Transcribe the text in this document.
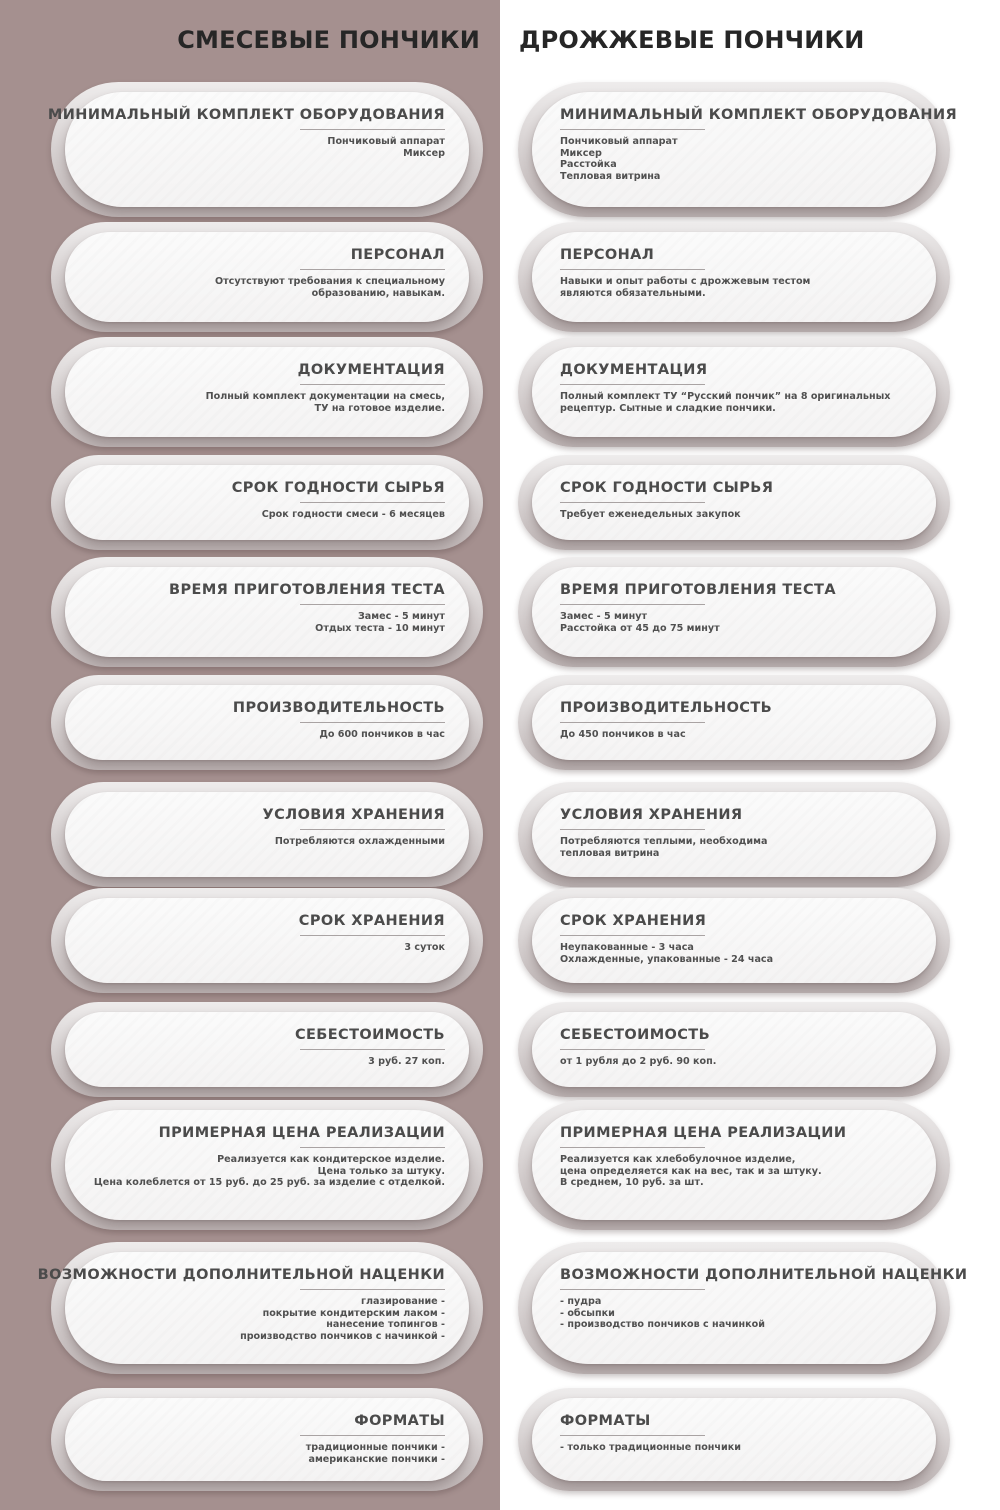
СМЕСЕВЫЕ ПОНЧИКИ ДРОЖЖЕВЫЕ ПОНЧИКИ
МИНИМАЛЬНЫЙ КОМПЛЕКТ ОБОРУДОВАНИЯ

Пончиковый аппарат
Миксер

МИНИМАЛЬНЫЙ КОМПЛЕКТ ОБОРУДОВАНИЯ

Пончиковый аппарат
Миксер
Расстойка
Тепловая витрина

ПЕРСОНАЛ

Отсутствуют требования к специальному
образованию, навыкам.

ПЕРСОНАЛ

Навыки и опыт работы с дрожжевым тестом
являются обязательными.

ДОКУМЕНТАЦИЯ

Полный комплект документации на смесь,
ТУ на готовое изделие.

ДОКУМЕНТАЦИЯ

Полный комплект ТУ “Русский пончик” на 8 оригинальных
рецептур. Сытные и сладкие пончики.

СРОК ГОДНОСТИ СЫРЬЯ

Срок годности смеси - 6 месяцев

СРОК ГОДНОСТИ СЫРЬЯ

Требует еженедельных закупок

ВРЕМЯ ПРИГОТОВЛЕНИЯ ТЕСТА

Замес - 5 минут
Отдых теста - 10 минут

ВРЕМЯ ПРИГОТОВЛЕНИЯ ТЕСТА

Замес - 5 минут
Расстойка от 45 до 75 минут

ПРОИЗВОДИТЕЛЬНОСТЬ

До 600 пончиков в час

ПРОИЗВОДИТЕЛЬНОСТЬ

До 450 пончиков в час

УСЛОВИЯ ХРАНЕНИЯ

Потребляются охлажденными

УСЛОВИЯ ХРАНЕНИЯ

Потребляются теплыми, необходима
тепловая витрина

СРОК ХРАНЕНИЯ

3 суток

СРОК ХРАНЕНИЯ

Неупакованные - 3 часа
Охлажденные, упакованные - 24 часа

СЕБЕСТОИМОСТЬ

3 руб. 27 коп.

СЕБЕСТОИМОСТЬ

от 1 рубля до 2 руб. 90 коп.

ПРИМЕРНАЯ ЦЕНА РЕАЛИЗАЦИИ

Реализуется как кондитерское изделие.
Цена только за штуку.
Цена колеблется от 15 руб. до 25 руб. за изделие с отделкой.

ПРИМЕРНАЯ ЦЕНА РЕАЛИЗАЦИИ

Реализуется как хлебобулочное изделие,
цена определяется как на вес, так и за штуку.
В среднем, 10 руб. за шт.

ВОЗМОЖНОСТИ ДОПОЛНИТЕЛЬНОЙ НАЦЕНКИ

глазирование -
покрытие кондитерским лаком -
нанесение топингов -
производство пончиков с начинкой -

ВОЗМОЖНОСТИ ДОПОЛНИТЕЛЬНОЙ НАЦЕНКИ

- пудра
- обсыпки
- производство пончиков с начинкой

ФОРМАТЫ

традиционные пончики -
американские пончики -

ФОРМАТЫ

- только традиционные пончики
